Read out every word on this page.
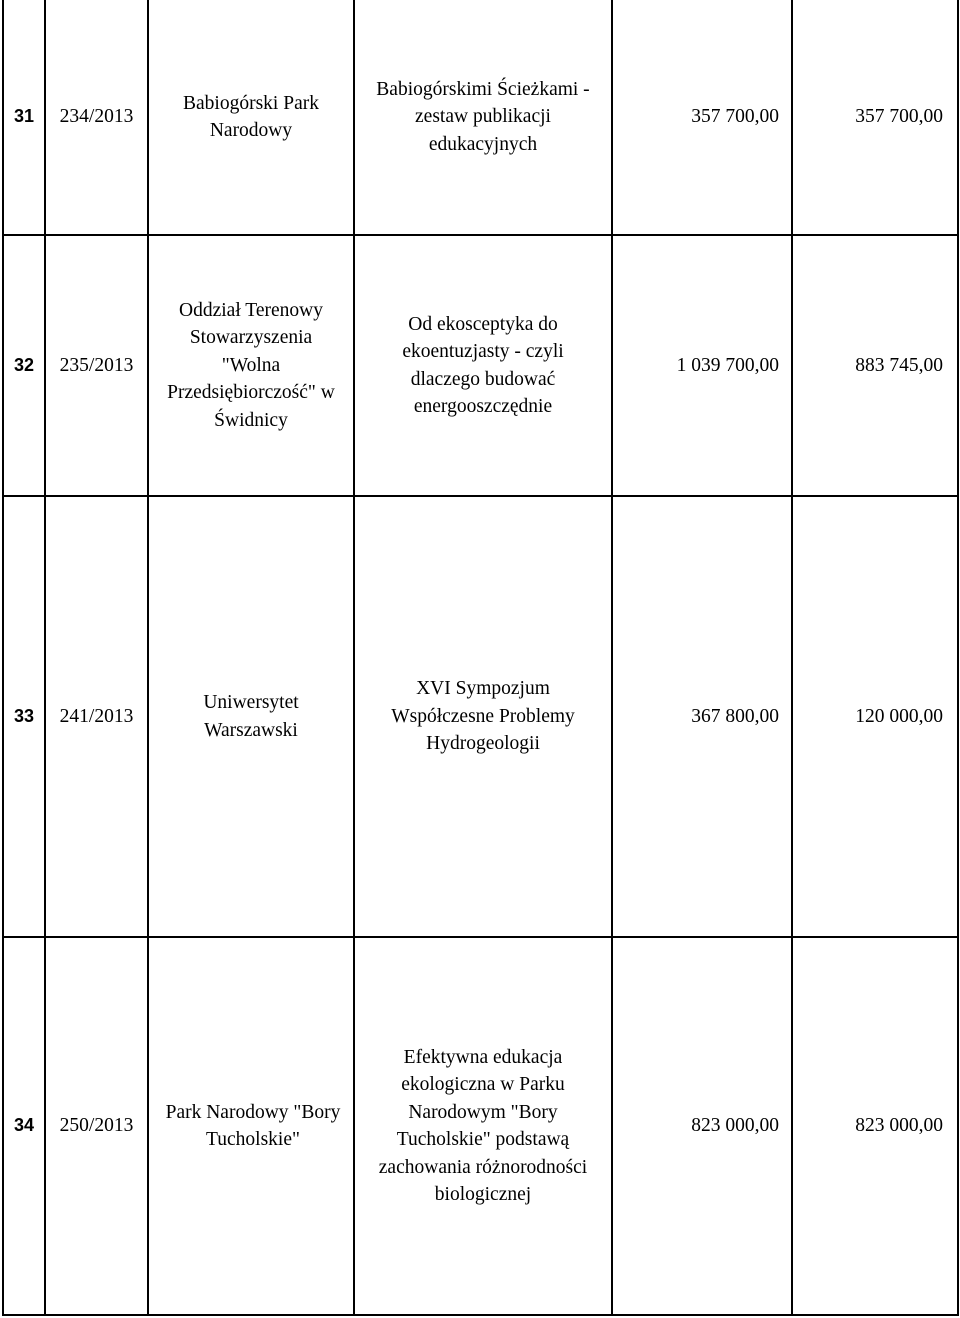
31	234/2013	Babiogórski Park Narodowy	Babiogórskimi Ścieżkami - zestaw publikacji edukacyjnych	357 700,00	357 700,00
32	235/2013	Oddział Terenowy Stowarzyszenia "Wolna Przedsiębiorczość" w Świdnicy	Od ekosceptyka do ekoentuzjasty - czyli dlaczego budować energooszczędnie	1 039 700,00	883 745,00
33	241/2013	Uniwersytet Warszawski	XVI Sympozjum Współczesne Problemy Hydrogeologii	367 800,00	120 000,00
34	250/2013	Park Narodowy "Bory Tucholskie"	Efektywna edukacja ekologiczna w Parku Narodowym "Bory Tucholskie" podstawą zachowania różnorodności biologicznej	823 000,00	823 000,00
